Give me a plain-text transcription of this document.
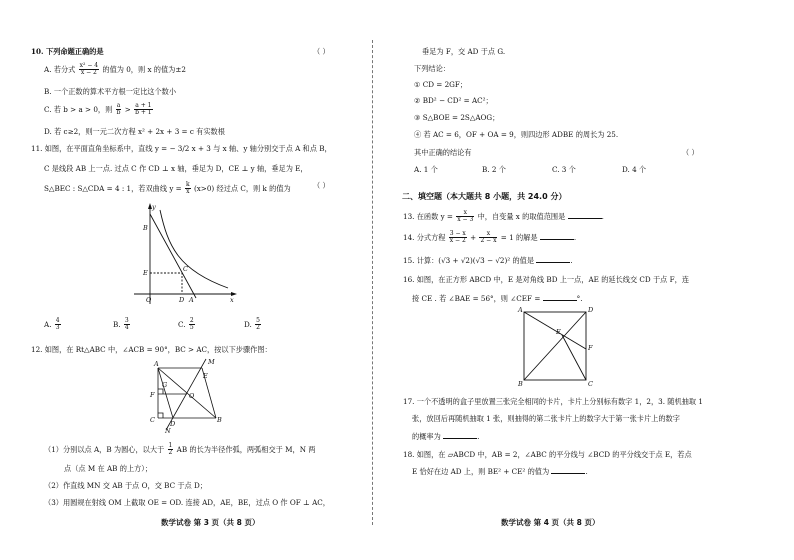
10. 下列命题正确的是	（ ）
A. 若分式 $\frac{\text{x² − 4}}{x - 2}$ 的值为 0，则 x 的值为±2
B. 一个正数的算术平方根一定比这个数小
C. 若 b > a > 0，则 $\frac{a}{b} > \frac{a + 1}{b + 1}$
D. 若 c≥2，则一元二次方程 x² + 2x + 3 = c 有实数根
11. 如图，在平面直角坐标系中，直线 y = − 3/2 x + 3 与 x 轴、y 轴分别交于点 A 和点 B，
C 是线段 AB 上一点. 过点 C 作 CD ⊥ x 轴，垂足为 D，CE ⊥ y 轴，垂足为 E，
S△BEC : S△CDA = 4 : 1，若双曲线 $y = \frac{k}{x} (x>0)$ 经过点 C，则 k 的值为	（ ）
y
x
B
E	C
O	D A
A. $\frac{4}{3}$	B. $\frac{3}{4}$	C. $\frac{2}{5}$	D. $\frac{5}{2}$
12. 如图，在 Rt△ABC 中，∠ACB = 90°，BC > AC，按以下步骤作图：
A	M
G
F
E
O
C D	B
N
（1）分别以点 A，B 为圆心，以大于 $\frac{1}{2}$ AB 的长为半径作弧，两弧相交于 M，N 两
点（点 M 在 AB 的上方）；
（2）作直线 MN 交 AB 于点 O，交 BC 于点 D；
（3）用圆规在射线 OM 上截取 OE = OD. 连接 AD，AE，BE，过点 O 作 OF ⊥ AC，
数学试卷 第 3 页（共 8 页）
垂足为 F，交 AD 于点 G.
下列结论：
① CD = 2GF；
② BD² − CD² = AC²；
③ S△BOE = 2S△AOG；
④ 若 AC = 6，OF + OA = 9，则四边形 ADBE 的周长为 25.
其中正确的结论有	（ ）
A. 1 个	B. 2 个	C. 3 个	D. 4 个
二、填空题（本大题共 8 小题，共 24.0 分）
13. 在函数 $y = \frac{x}{x - 3}$ 中，自变量 x 的取值范围是	.
14. 分式方程 $\frac{3 - x}{x - 2} + \frac{x}{2 - x} = 1$ 的解是	.
15. 计算：(√3 + √2)(√3 − √2)² 的值是	.
16. 如图，在正方形 ABCD 中，E 是对角线 BD 上一点，AE 的延长线交 CD 于点 F，连
接 CE . 若 ∠BAE = 56°，则 ∠CEF =	°.
A	D
E
F
B	C
17. 一个不透明的盒子里放置三张完全相同的卡片，卡片上分别标有数字 1，2，3. 随机抽取 1
张，放回后再随机抽取 1 张，则抽得的第二张卡片上的数字大于第一张卡片上的数字
的概率为	.
18. 如图，在 ▱ABCD 中，AB = 2，∠ABC 的平分线与 ∠BCD 的平分线交于点 E，若点
E 恰好在边 AD 上，则 BE² + CE² 的值为	.
数学试卷 第 4 页（共 8 页）
